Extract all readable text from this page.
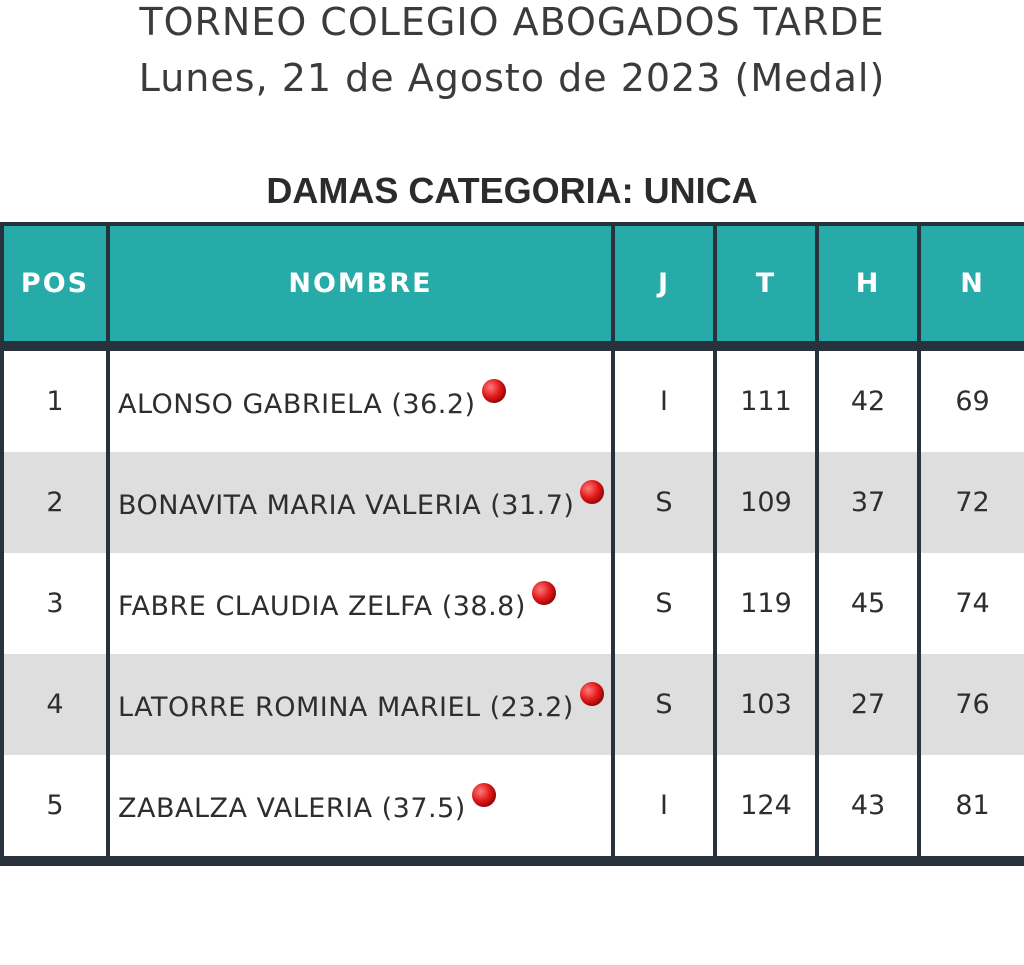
TORNEO COLEGIO ABOGADOS TARDE
Lunes, 21 de Agosto de 2023 (Medal)
DAMAS CATEGORIA: UNICA
POS	NOMBRE	J	T	H	N
1	ALONSO GABRIELA (36.2)	I	111	42	69
2	BONAVITA MARIA VALERIA (31.7)	S	109	37	72
3	FABRE CLAUDIA ZELFA (38.8)	S	119	45	74
4	LATORRE ROMINA MARIEL (23.2)	S	103	27	76
5	ZABALZA VALERIA (37.5)	I	124	43	81
